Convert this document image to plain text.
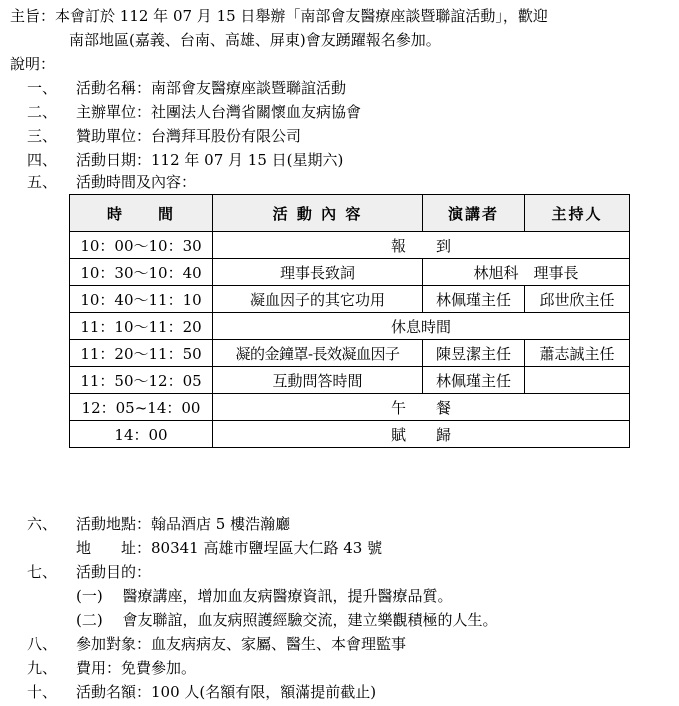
主旨：本會訂於 112 年 07 月 15 日舉辦「南部會友醫療座談暨聯誼活動」，歡迎
南部地區(嘉義、台南、高雄、屏東)會友踴躍報名參加。
說明：
一、 活動名稱：南部會友醫療座談暨聯誼活動
二、 主辦單位：社團法人台灣省關懷血友病協會
三、 贊助單位：台灣拜耳股份有限公司
四、 活動日期：112 年 07 月 15 日(星期六)
五、 活動時間及內容：
時　　間	活 動 內 容	演講者	主持人
10：00～10：30	報　　到		
10：30～10：40	理事長致詞	林旭科　理事長	
10：40～11：10	凝血因子的其它功用	林佩瑾主任	邱世欣主任
11：10～11：20	休息時間		
11：20～11：50	凝的金鐘罩-長效凝血因子	陳昱潔主任	蕭志誠主任
11：50～12：05	互動問答時間	林佩瑾主任	
12：05~14：00	午　　餐		
14：00	賦　　歸		
六、 活動地點：翰品酒店 5 樓浩瀚廳
地　　址：80341 高雄市鹽埕區大仁路 43 號
七、 活動目的：
(一)　 醫療講座，增加血友病醫療資訊，提升醫療品質。
(二)　 會友聯誼，血友病照護經驗交流，建立樂觀積極的人生。
八、 參加對象：血友病病友、家屬、醫生、本會理監事
九、 費用：免費參加。
十、 活動名額：100 人(名額有限，額滿提前截止)
